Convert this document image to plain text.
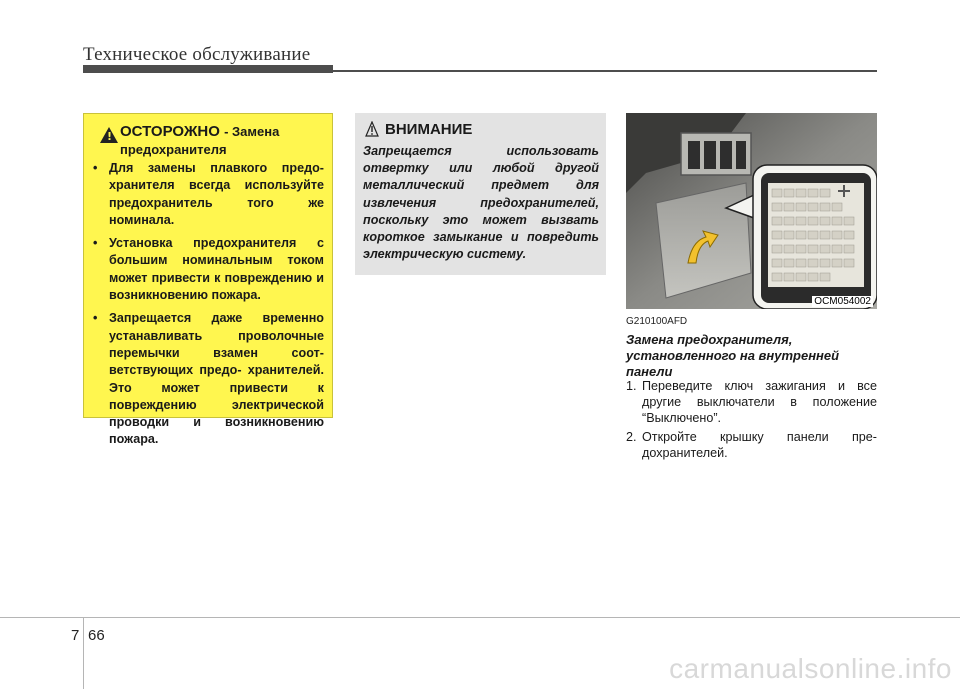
Техническое обслуживание
!
ОСТОРОЖНО - Замена
предохранителя
• Для замены плавкого предо- хранителя всегда используйте предохранитель того же номинала.
• Установка предохранителя с большим номинальным током может привести к повреждению и возникновению пожара.
• Запрещается даже временно устанавливать проволочные перемычки взамен соот- ветствующих предо- хранителей. Это может привести к повреждению электрической проводки и возникновению пожара.
ВНИМАНИЕ
Запрещается использовать отвертку или любой другой металлический предмет для извлечения предохранителей, поскольку это может вызвать короткое замыкание и повредить электрическую систему.
OCM054002
G210100AFD
Замена предохранителя, установленного на внутренней панели
1. Переведите ключ зажигания и все другие выключатели в положение “Выключено”.
2. Откройте крышку панели пре- дохранителей.
7 66
carmanualsonline.info
